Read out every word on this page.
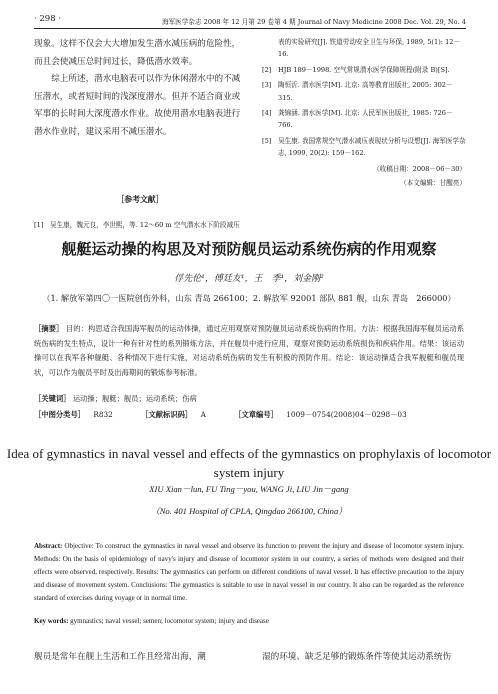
· 298 ·	海军医学杂志 2008 年 12 月第 29 卷第 4 期 Journal of Navy Medicine 2008 Dec. Vol. 29, No. 4

现象。这样不仅会大大增加发生潜水减压病的危险性，而且会使减压总时间过长，降低潜水效率。

综上所述，潜水电脑表可以作为休闲潜水中的不减压潜水，或者短时间的浅深度潜水。但并不适合商业或军事的长时间大深度潜水作业。故使用潜水电脑表进行潜水作业时，建议采用不减压潜水。

［参考文献］
[1]	吴生康，魏元良，李世熙，等. 12～60 m 空气潜水水下阶段减压
表的实验研究[J]. 铁道劳动安全卫生与环保, 1989, 5(1): 12－16.
[2]	HJB 189－1998. 空气常规潜水医学保障规程(附录 B)[S].
[3]	陶恒沂. 潜水医学[M]. 北京: 高等教育出版社, 2005: 302－315.
[4]	龚锦涵. 潜水医学[M]. 北京: 人民军医出版社, 1985: 726－766.
[5]	吴生康. 我国常规空气潜水减压表现状分析与设想[J]. 海军医学杂志, 1999, 20(2): 159－162.
（收稿日期：2008－06－30）
（本文编辑：甘醒亮）
舰艇运动操的构思及对预防舰员运动系统伤病的作用观察
俘先伦¹，傅廷友¹，王　季¹，刘金刚²
（1. 解放军第四〇一医院创伤外科，山东 青岛 266100；2. 解放军 92001 部队 881 舰，山东 青岛　266000）
［摘要］ 目的：构思适合我国海军舰员的运动体操，通过应用观察对预防舰员运动系统伤病的作用。方法：根据我国海军舰员运动系统伤病的发生特点，设计一种有针对性的系列锻炼方法，并在舰员中进行应用，观察对预防运动系统损伤和疾病作用。结果：该运动操可以在我军各种舰艇、各种情况下进行实施，对运动系统伤病的发生有积极的预防作用。结论：该运动操适合我军舰艇和舰员现状，可以作为舰员平时及出海期间的锻炼参考标准。
［关键词］ 运动操；舰艇；舰员；运动系统；伤病
［中图分类号］ R832	［文献标识码］ A	［文章编号］ 1009－0754(2008)04－0298－03
Idea of gymnastics in naval vessel and effects of the gymnastics on prophylaxis of locomotor system injury
XIU Xian－lun, FU Ting－you, WANG Ji, LIU Jin－gang
（No. 401 Hospital of CPLA, Qingdao 266100, China）
Abstract: Objective: To construct the gymnastics in naval vessel and observe its function to prevent the injury and disease of locomotor system injury. Methods: On the basis of epidemiology of navy's injury and disease of locomotor system in our country, a series of methods were designed and their effects were observed, respectively. Results: The gymnastics can perform on different conditions of naval vessel. It has effective precaution to the injury and disease of movement system. Conclusions: The gymnastics is suitable to use in naval vessel in our country. It also can be regarded as the reference standard of exercises during voyage or in normal time.
Key words: gymnastics; naval vessel; semen; locomotor system; injury and disease
舰员是常年在舰上生活和工作且经常出海，潮	湿的环境、缺乏足够的锻炼条件等使其运动系统伤
